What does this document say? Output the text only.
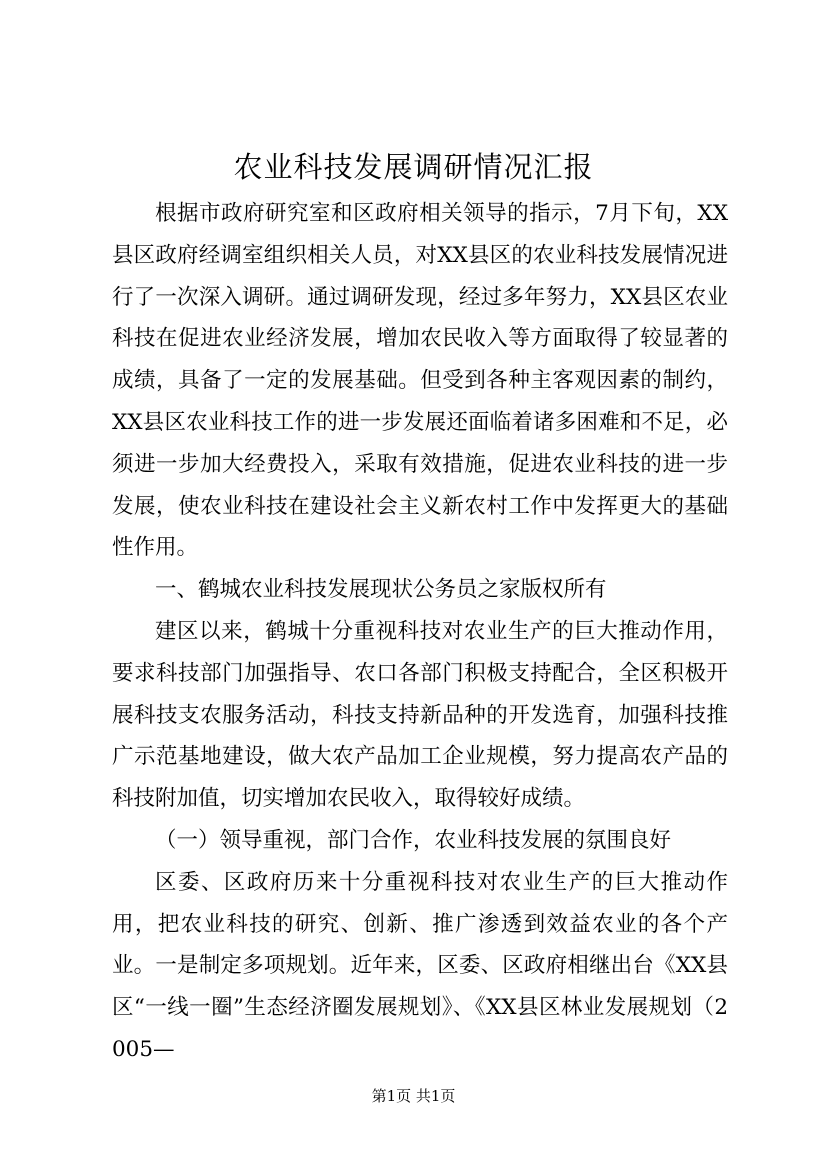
农业科技发展调研情况汇报

根据市政府研究室和区政府相关领导的指示，7月下旬，XX县区政府经调室组织相关人员，对XX县区的农业科技发展情况进行了一次深入调研。通过调研发现，经过多年努力，XX县区农业科技在促进农业经济发展，增加农民收入等方面取得了较显著的成绩，具备了一定的发展基础。但受到各种主客观因素的制约，XX县区农业科技工作的进一步发展还面临着诸多困难和不足，必须进一步加大经费投入，采取有效措施，促进农业科技的进一步发展，使农业科技在建设社会主义新农村工作中发挥更大的基础性作用。

一、鹤城农业科技发展现状公务员之家版权所有

建区以来，鹤城十分重视科技对农业生产的巨大推动作用，要求科技部门加强指导、农口各部门积极支持配合，全区积极开展科技支农服务活动，科技支持新品种的开发选育，加强科技推广示范基地建设，做大农产品加工企业规模，努力提高农产品的科技附加值，切实增加农民收入，取得较好成绩。

（一）领导重视，部门合作，农业科技发展的氛围良好

区委、区政府历来十分重视科技对农业生产的巨大推动作用，把农业科技的研究、创新、推广渗透到效益农业的各个产业。一是制定多项规划。近年来，区委、区政府相继出台《XX县区“一线一圈”生态经济圈发展规划》、《XX县区林业发展规划（2005—

第1页 共1页
